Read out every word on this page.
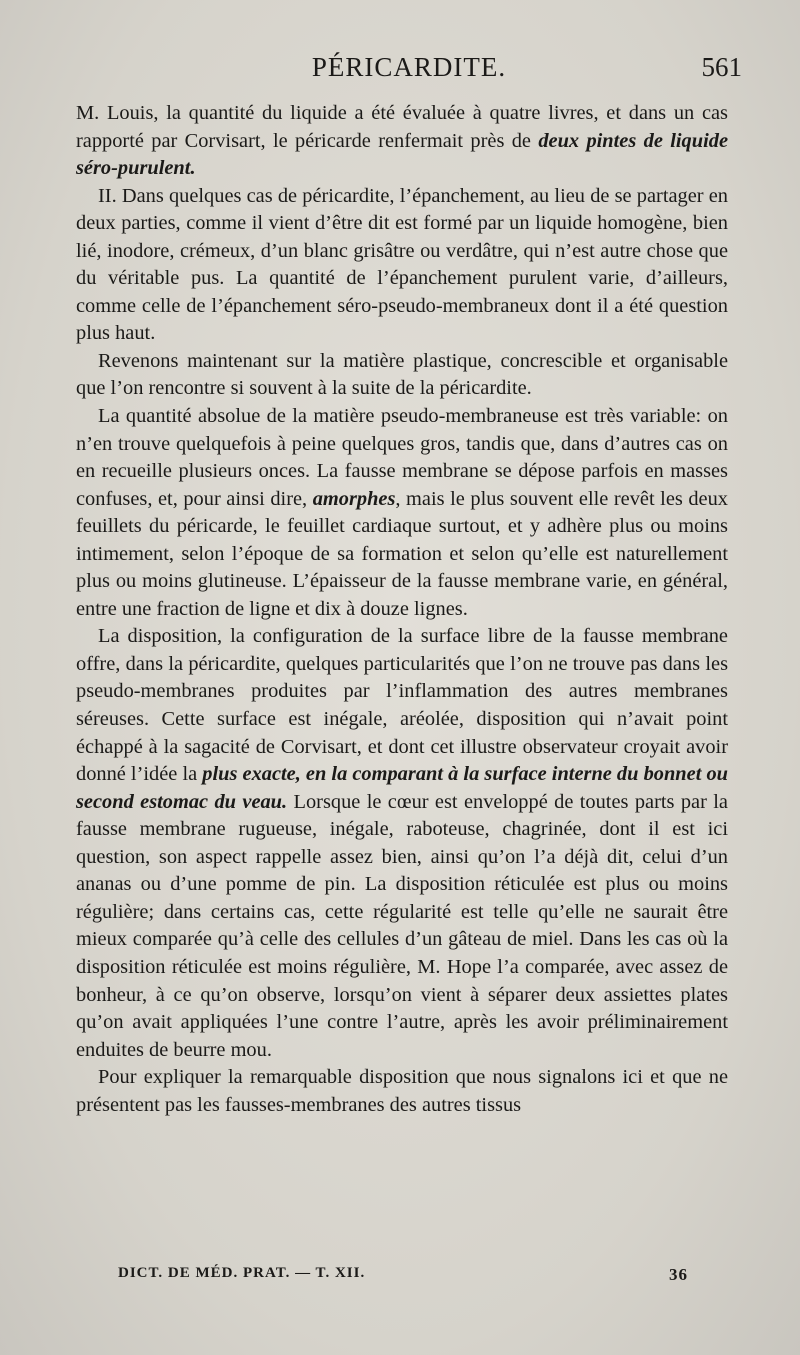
PÉRICARDITE.	561

M. Louis, la quantité du liquide a été évaluée à quatre livres, et dans un cas rapporté par Corvisart, le péricarde renfermait près de deux pintes de liquide séro-purulent.

II. Dans quelques cas de péricardite, l’épanchement, au lieu de se partager en deux parties, comme il vient d’être dit est formé par un liquide homogène, bien lié, inodore, crémeux, d’un blanc grisâtre ou verdâtre, qui n’est autre chose que du véritable pus. La quantité de l’épanchement purulent varie, d’ailleurs, comme celle de l’épanchement séro-pseudo-membraneux dont il a été question plus haut.

Revenons maintenant sur la matière plastique, concrescible et organisable que l’on rencontre si souvent à la suite de la péricardite.

La quantité absolue de la matière pseudo-membraneuse est très variable: on n’en trouve quelquefois à peine quelques gros, tandis que, dans d’autres cas on en recueille plusieurs onces. La fausse membrane se dépose parfois en masses confuses, et, pour ainsi dire, amorphes, mais le plus souvent elle revêt les deux feuillets du péricarde, le feuillet cardiaque surtout, et y adhère plus ou moins intimement, selon l’époque de sa formation et selon qu’elle est naturellement plus ou moins glutineuse. L’épaisseur de la fausse membrane varie, en général, entre une fraction de ligne et dix à douze lignes.

La disposition, la configuration de la surface libre de la fausse membrane offre, dans la péricardite, quelques particularités que l’on ne trouve pas dans les pseudo-membranes produites par l’inflammation des autres membranes séreuses. Cette surface est inégale, aréolée, disposition qui n’avait point échappé à la sagacité de Corvisart, et dont cet illustre observateur croyait avoir donné l’idée la plus exacte, en la comparant à la surface interne du bonnet ou second estomac du veau. Lorsque le cœur est enveloppé de toutes parts par la fausse membrane rugueuse, inégale, raboteuse, chagrinée, dont il est ici question, son aspect rappelle assez bien, ainsi qu’on l’a déjà dit, celui d’un ananas ou d’une pomme de pin. La disposition réticulée est plus ou moins régulière; dans certains cas, cette régularité est telle qu’elle ne saurait être mieux comparée qu’à celle des cellules d’un gâteau de miel. Dans les cas où la disposition réticulée est moins régulière, M. Hope l’a comparée, avec assez de bonheur, à ce qu’on observe, lorsqu’on vient à séparer deux assiettes plates qu’on avait appliquées l’une contre l’autre, après les avoir préliminairement enduites de beurre mou.

Pour expliquer la remarquable disposition que nous signalons ici et que ne présentent pas les fausses-membranes des autres tissus

DICT. DE MÉD. PRAT. — T. XII.	36
